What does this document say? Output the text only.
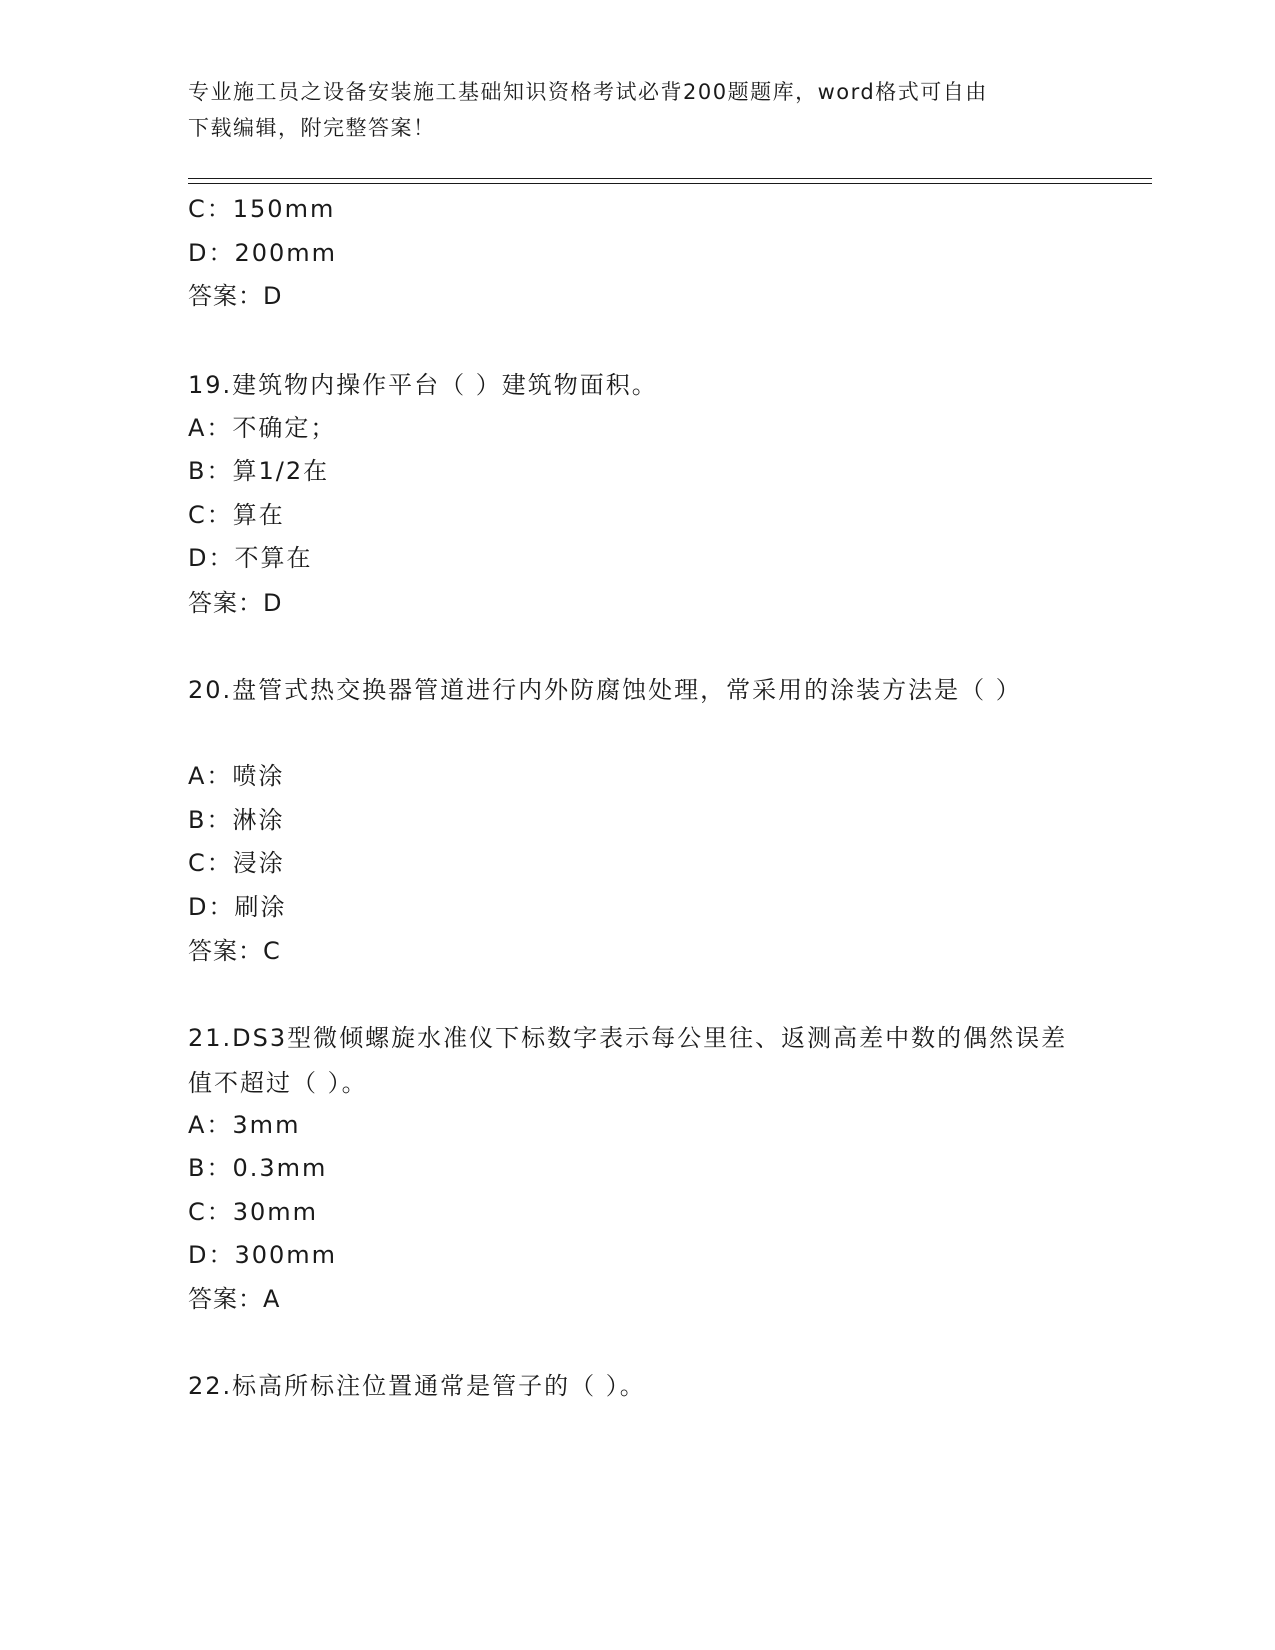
专业施工员之设备安装施工基础知识资格考试必背200题题库，word格式可自由
下载编辑，附完整答案！
C：150mm
D：200mm
答案：D
19.建筑物内操作平台（ ）建筑物面积。
A：不确定；
B：算1/2在
C：算在
D：不算在
答案：D
20.盘管式热交换器管道进行内外防腐蚀处理，常采用的涂装方法是（ ）
A：喷涂
B：淋涂
C：浸涂
D：刷涂
答案：C
21.DS3型微倾螺旋水准仪下标数字表示每公里往、返测高差中数的偶然误差值不超过（ ）。
A：3mm
B：0.3mm
C：30mm
D：300mm
答案：A
22.标高所标注位置通常是管子的（ ）。
